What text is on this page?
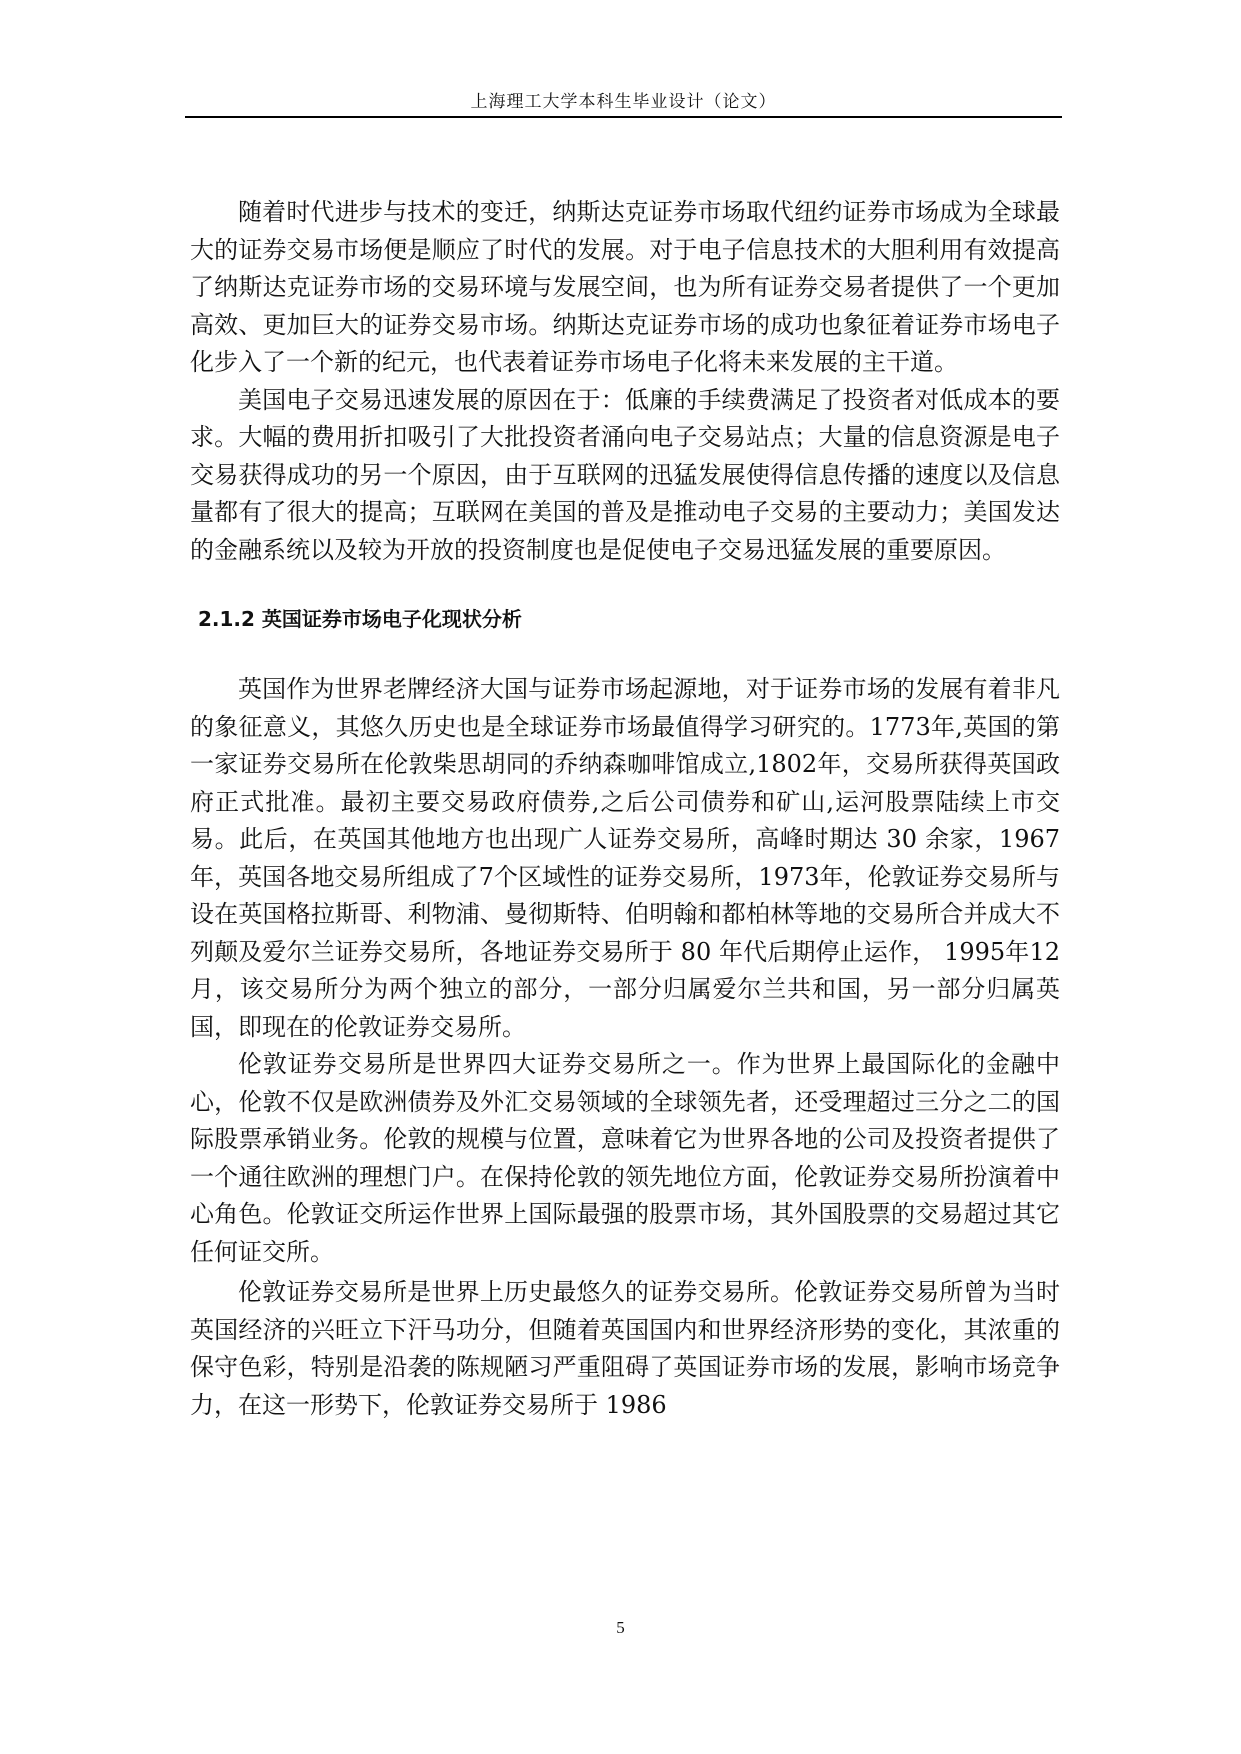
上海理工大学本科生毕业设计（论文）

随着时代进步与技术的变迁，纳斯达克证券市场取代纽约证券市场成为全球最大的证券交易市场便是顺应了时代的发展。对于电子信息技术的大胆利用有效提高了纳斯达克证券市场的交易环境与发展空间，也为所有证券交易者提供了一个更加高效、更加巨大的证券交易市场。纳斯达克证券市场的成功也象征着证券市场电子化步入了一个新的纪元，也代表着证券市场电子化将未来发展的主干道。

美国电子交易迅速发展的原因在于：低廉的手续费满足了投资者对低成本的要求。大幅的费用折扣吸引了大批投资者涌向电子交易站点；大量的信息资源是电子交易获得成功的另一个原因，由于互联网的迅猛发展使得信息传播的速度以及信息量都有了很大的提高；互联网在美国的普及是推动电子交易的主要动力；美国发达的金融系统以及较为开放的投资制度也是促使电子交易迅猛发展的重要原因。

2.1.2 英国证券市场电子化现状分析

英国作为世界老牌经济大国与证券市场起源地，对于证券市场的发展有着非凡的象征意义，其悠久历史也是全球证券市场最值得学习研究的。1773年,英国的第一家证券交易所在伦敦柴思胡同的乔纳森咖啡馆成立,1802年，交易所获得英国政府正式批准。最初主要交易政府债券,之后公司债券和矿山,运河股票陆续上市交易。此后，在英国其他地方也出现广人证券交易所，高峰时期达 30 余家，1967年，英国各地交易所组成了7个区域性的证券交易所，1973年，伦敦证券交易所与设在英国格拉斯哥、利物浦、曼彻斯特、伯明翰和都柏林等地的交易所合并成大不列颠及爱尔兰证券交易所，各地证券交易所于 80 年代后期停止运作， 1995年12月，该交易所分为两个独立的部分，一部分归属爱尔兰共和国，另一部分归属英国，即现在的伦敦证券交易所。

伦敦证券交易所是世界四大证券交易所之一。作为世界上最国际化的金融中心，伦敦不仅是欧洲债券及外汇交易领域的全球领先者，还受理超过三分之二的国际股票承销业务。伦敦的规模与位置，意味着它为世界各地的公司及投资者提供了一个通往欧洲的理想门户。在保持伦敦的领先地位方面，伦敦证券交易所扮演着中心角色。伦敦证交所运作世界上国际最强的股票市场，其外国股票的交易超过其它任何证交所。

伦敦证券交易所是世界上历史最悠久的证券交易所。伦敦证券交易所曾为当时英国经济的兴旺立下汗马功分，但随着英国国内和世界经济形势的变化，其浓重的保守色彩，特别是沿袭的陈规陋习严重阻碍了英国证券市场的发展，影响市场竞争力，在这一形势下，伦敦证券交易所于 1986

5
